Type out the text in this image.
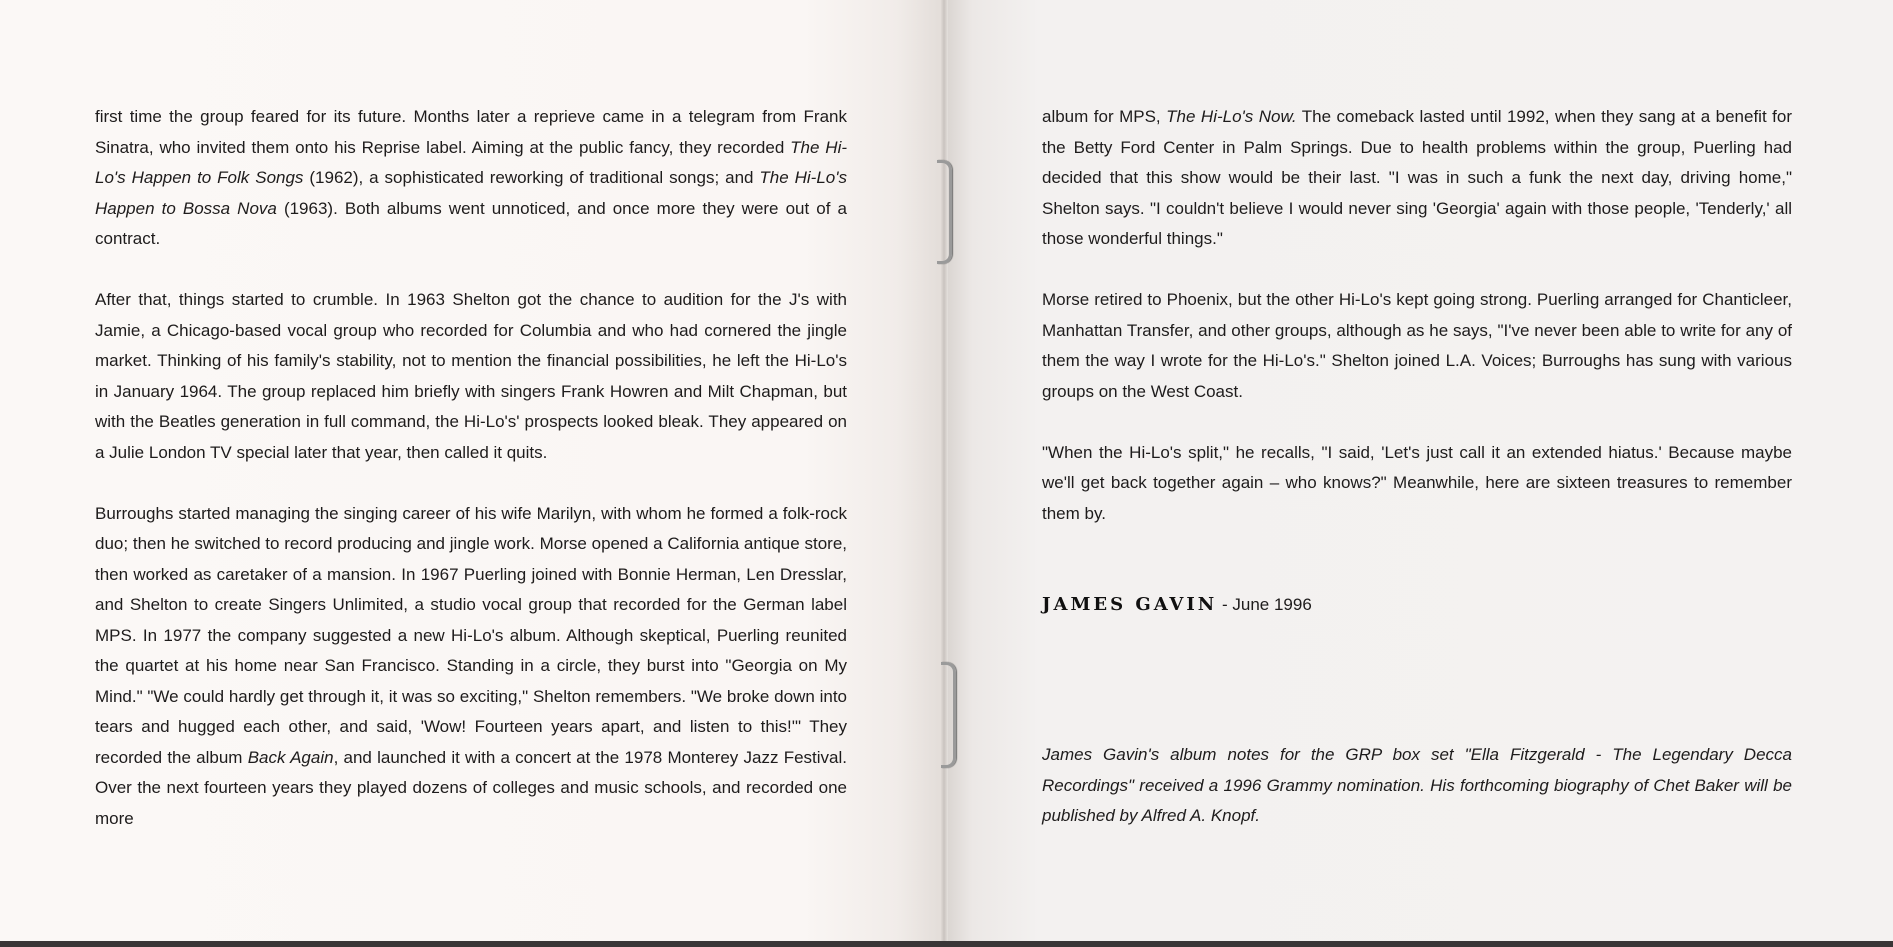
first time the group feared for its future. Months later a reprieve came in a telegram from Frank Sinatra, who invited them onto his Reprise label. Aiming at the public fancy, they recorded The Hi-Lo's Happen to Folk Songs (1962), a sophisticated reworking of traditional songs; and The Hi-Lo's Happen to Bossa Nova (1963). Both albums went unnoticed, and once more they were out of a contract.

After that, things started to crumble. In 1963 Shelton got the chance to audition for the J's with Jamie, a Chicago-based vocal group who recorded for Columbia and who had cornered the jingle market. Thinking of his family's stability, not to mention the financial possibilities, he left the Hi-Lo's in January 1964. The group replaced him briefly with singers Frank Howren and Milt Chapman, but with the Beatles generation in full command, the Hi-Lo's' prospects looked bleak. They appeared on a Julie London TV special later that year, then called it quits.

Burroughs started managing the singing career of his wife Marilyn, with whom he formed a folk-rock duo; then he switched to record producing and jingle work. Morse opened a California antique store, then worked as caretaker of a mansion. In 1967 Puerling joined with Bonnie Herman, Len Dresslar, and Shelton to create Singers Unlimited, a studio vocal group that recorded for the German label MPS. In 1977 the company suggested a new Hi-Lo's album. Although skeptical, Puerling reunited the quartet at his home near San Francisco. Standing in a circle, they burst into "Georgia on My Mind." "We could hardly get through it, it was so exciting," Shelton remembers. "We broke down into tears and hugged each other, and said, 'Wow! Fourteen years apart, and listen to this!'" They recorded the album Back Again, and launched it with a concert at the 1978 Monterey Jazz Festival. Over the next fourteen years they played dozens of colleges and music schools, and recorded one more

album for MPS, The Hi-Lo's Now. The comeback lasted until 1992, when they sang at a benefit for the Betty Ford Center in Palm Springs. Due to health problems within the group, Puerling had decided that this show would be their last. "I was in such a funk the next day, driving home," Shelton says. "I couldn't believe I would never sing 'Georgia' again with those people, 'Tenderly,' all those wonderful things."

Morse retired to Phoenix, but the other Hi-Lo's kept going strong. Puerling arranged for Chanticleer, Manhattan Transfer, and other groups, although as he says, "I've never been able to write for any of them the way I wrote for the Hi-Lo's." Shelton joined L.A. Voices; Burroughs has sung with various groups on the West Coast.

"When the Hi-Lo's split," he recalls, "I said, 'Let's just call it an extended hiatus.' Because maybe we'll get back together again – who knows?" Meanwhile, here are sixteen treasures to remember them by.

JAMES GAVIN - June 1996

James Gavin's album notes for the GRP box set "Ella Fitzgerald - The Legendary Decca Recordings" received a 1996 Grammy nomination. His forthcoming biography of Chet Baker will be published by Alfred A. Knopf.
